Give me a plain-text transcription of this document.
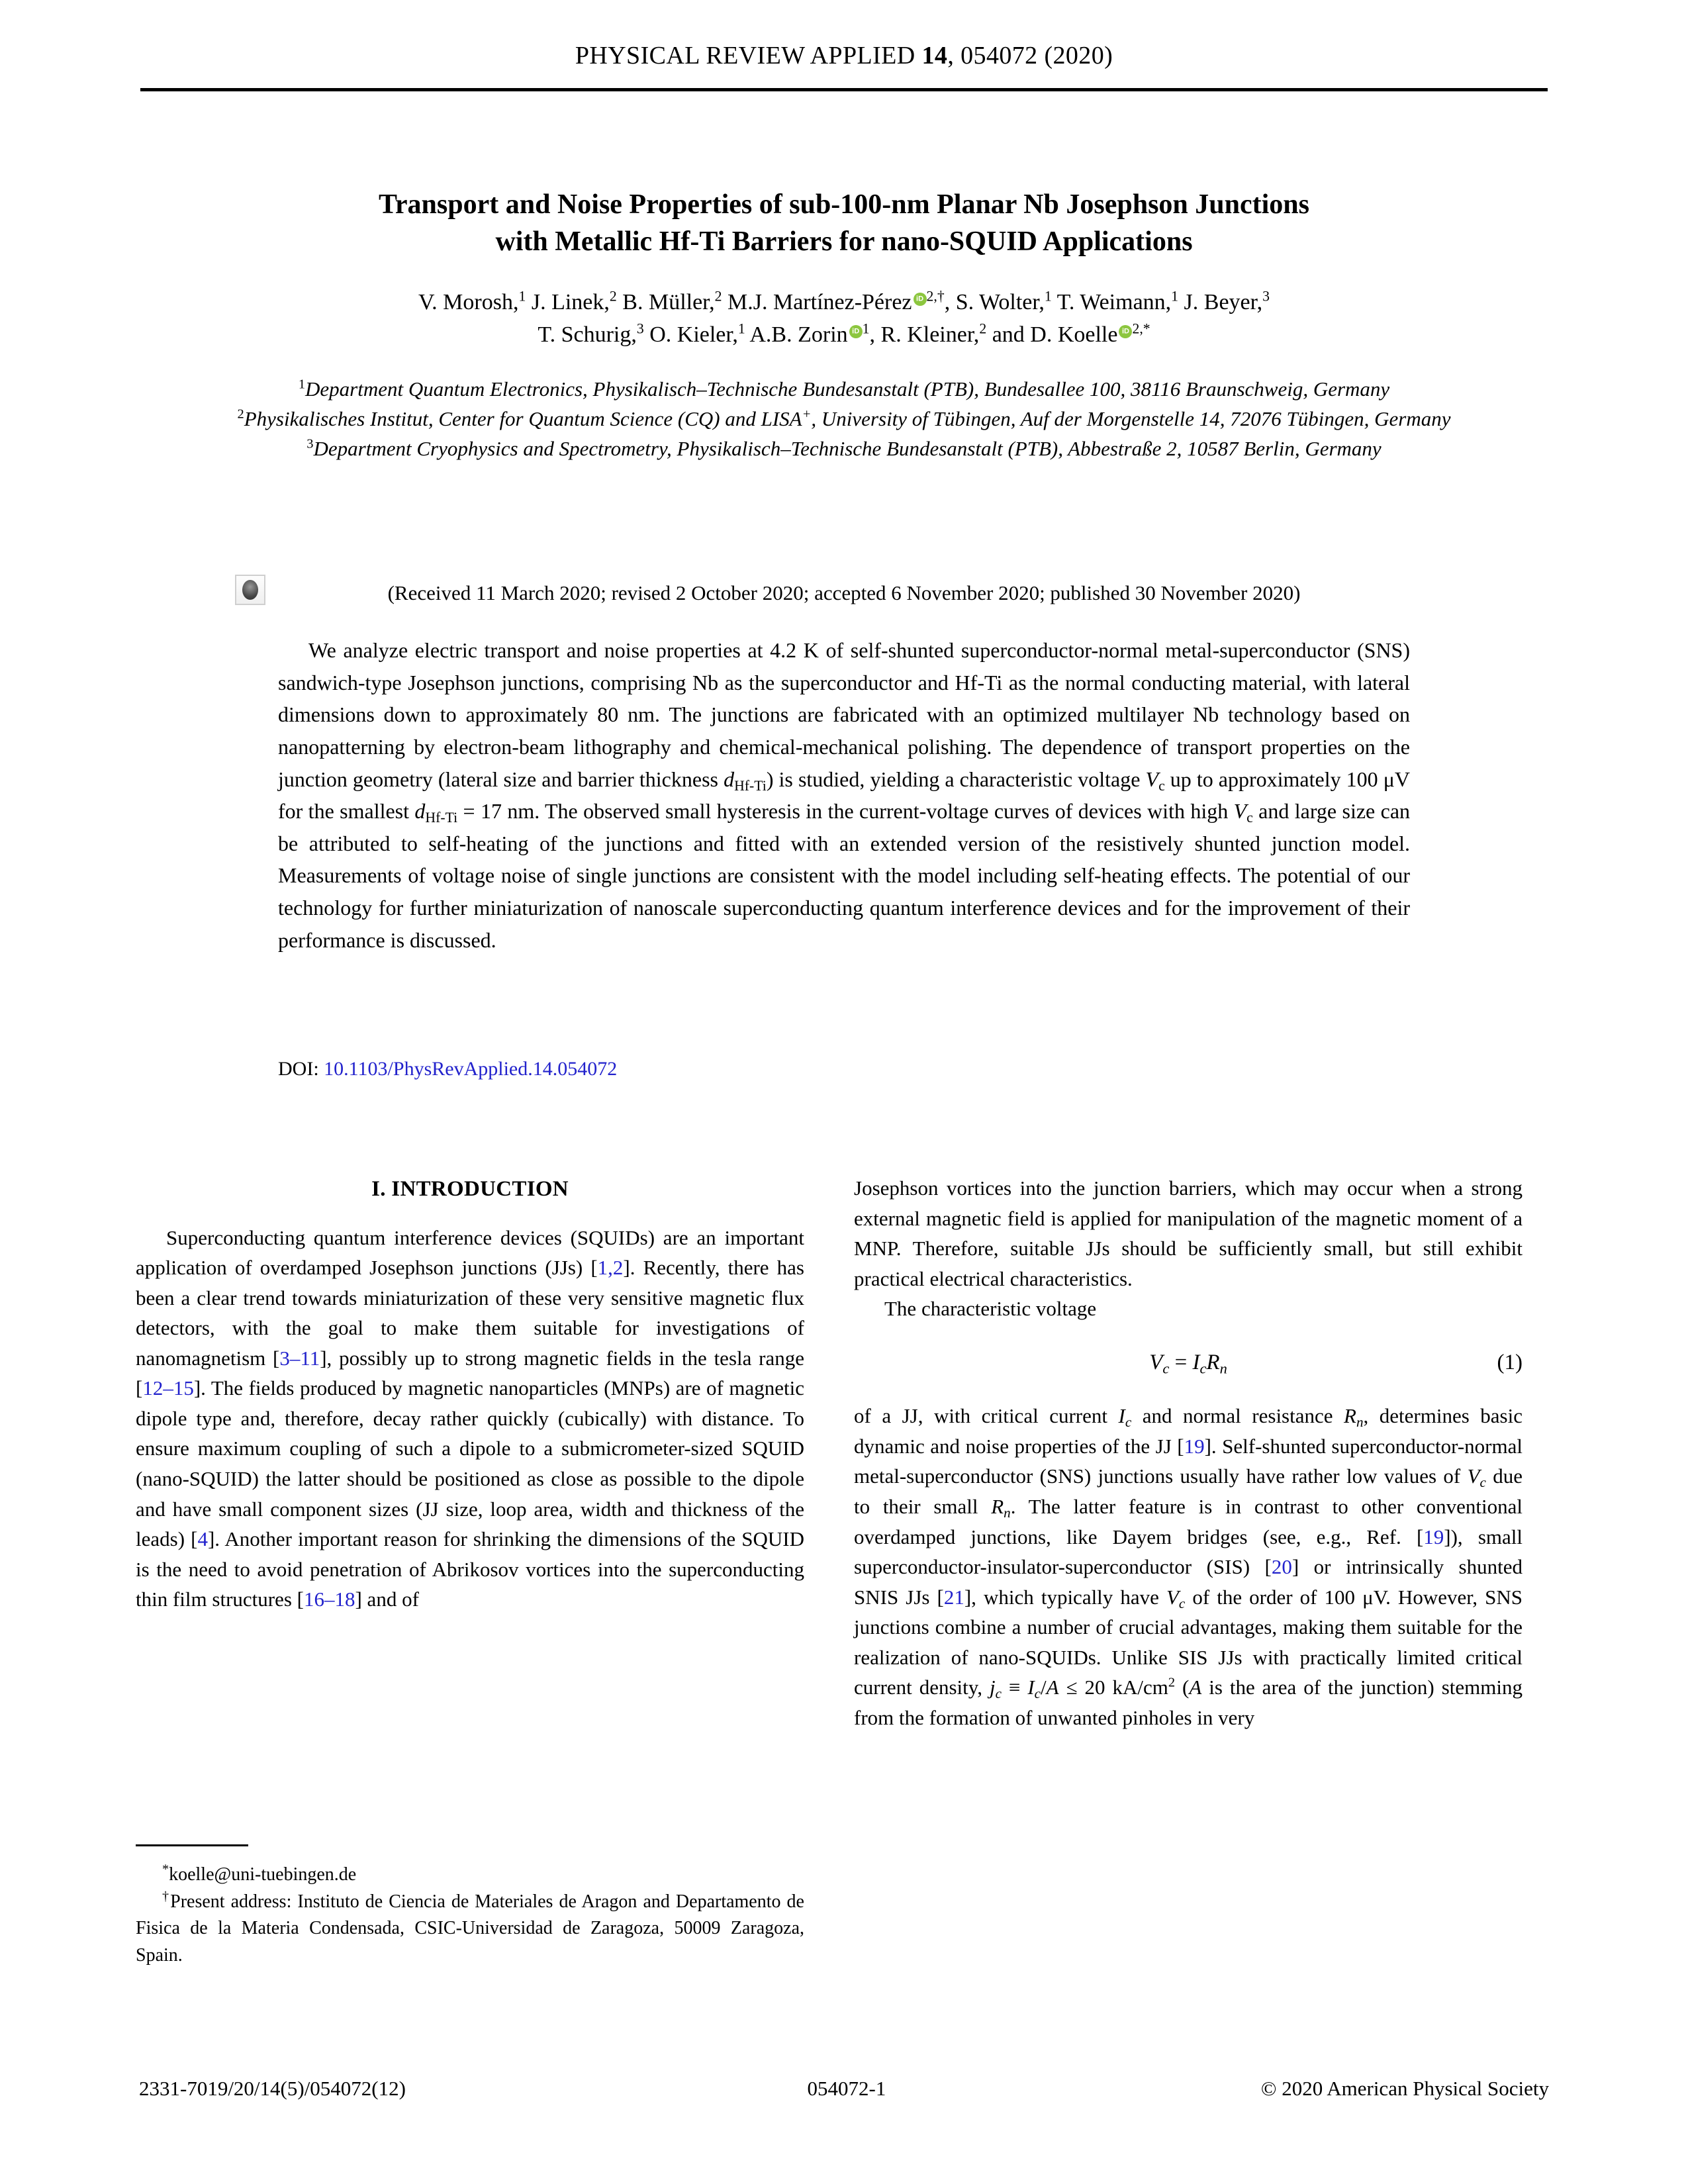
PHYSICAL REVIEW APPLIED 14, 054072 (2020)
Transport and Noise Properties of sub-100-nm Planar Nb Josephson Junctions
with Metallic Hf-Ti Barriers for nano-SQUID Applications
V. Morosh,$^1$ J. Linek,$^2$ B. Müller,$^2$ M.J. Martínez-Pérez iD $^{2,\dagger}$, S. Wolter,$^1$ T. Weimann,$^1$ J. Beyer,$^3$
T. Schurig,$^3$ O. Kieler,$^1$ A.B. Zorin iD $^1$, R. Kleiner,$^2$ and D. Koelle iD $^{2,*}$
$^1$Department Quantum Electronics, Physikalisch–Technische Bundesanstalt (PTB), Bundesallee 100, 38116 Braunschweig, Germany
$^2$Physikalisches Institut, Center for Quantum Science (CQ) and LISA+, University of Tübingen, Auf der Morgenstelle 14, 72076 Tübingen, Germany
$^3$Department Cryophysics and Spectrometry, Physikalisch–Technische Bundesanstalt (PTB), Abbestraße 2, 10587 Berlin, Germany
(Received 11 March 2020; revised 2 October 2020; accepted 6 November 2020; published 30 November 2020)

We analyze electric transport and noise properties at 4.2 K of self-shunted superconductor-normal metal-superconductor (SNS) sandwich-type Josephson junctions, comprising Nb as the superconductor and Hf-Ti as the normal conducting material, with lateral dimensions down to approximately 80 nm. The junctions are fabricated with an optimized multilayer Nb technology based on nanopatterning by electron-beam lithography and chemical-mechanical polishing. The dependence of transport properties on the junction geometry (lateral size and barrier thickness $d_{Hf-Ti}$) is studied, yielding a characteristic voltage $V_c$ up to approximately 100 μV for the smallest $d_{Hf-Ti} = 17$ nm. The observed small hysteresis in the current-voltage curves of devices with high $V_c$ and large size can be attributed to self-heating of the junctions and fitted with an extended version of the resistively shunted junction model. Measurements of voltage noise of single junctions are consistent with the model including self-heating effects. The potential of our technology for further miniaturization of nanoscale superconducting quantum interference devices and for the improvement of their performance is discussed.

DOI: 10.1103/PhysRevApplied.14.054072
I. INTRODUCTION

Superconducting quantum interference devices (SQUIDs) are an important application of overdamped Josephson junctions (JJs) [1,2]. Recently, there has been a clear trend towards miniaturization of these very sensitive magnetic flux detectors, with the goal to make them suitable for investigations of nanomagnetism [3–11], possibly up to strong magnetic fields in the tesla range [12–15]. The fields produced by magnetic nanoparticles (MNPs) are of magnetic dipole type and, therefore, decay rather quickly (cubically) with distance. To ensure maximum coupling of such a dipole to a submicrometer-sized SQUID (nano-SQUID) the latter should be positioned as close as possible to the dipole and have small component sizes (JJ size, loop area, width and thickness of the leads) [4]. Another important reason for shrinking the dimensions of the SQUID is the need to avoid penetration of Abrikosov vortices into the superconducting thin film structures [16–18] and of

Josephson vortices into the junction barriers, which may occur when a strong external magnetic field is applied for manipulation of the magnetic moment of a MNP. Therefore, suitable JJs should be sufficiently small, but still exhibit practical electrical characteristics.

The characteristic voltage

$V_c = I_cR_n$	(1)

of a JJ, with critical current $I_c$ and normal resistance $R_n$, determines basic dynamic and noise properties of the JJ [19]. Self-shunted superconductor-normal metal-superconductor (SNS) junctions usually have rather low values of $V_c$ due to their small $R_n$. The latter feature is in contrast to other conventional overdamped junctions, like Dayem bridges (see, e.g., Ref. [19]), small superconductor-insulator-superconductor (SIS) [20] or intrinsically shunted SNIS JJs [21], which typically have $V_c$ of the order of 100 μV. However, SNS junctions combine a number of crucial advantages, making them suitable for the realization of nano-SQUIDs. Unlike SIS JJs with practically limited critical current density, $j_c \equiv I_c/A \le 20$ $kA/cm^2$ (A is the area of the junction) stemming from the formation of unwanted pinholes in very

*koelle@uni-tuebingen.de

†Present address: Instituto de Ciencia de Materiales de Aragon and Departamento de Fisica de la Materia Condensada, CSIC-Universidad de Zaragoza, 50009 Zaragoza, Spain.

2331-7019/20/14(5)/054072(12)	054072-1	© 2020 American Physical Society
